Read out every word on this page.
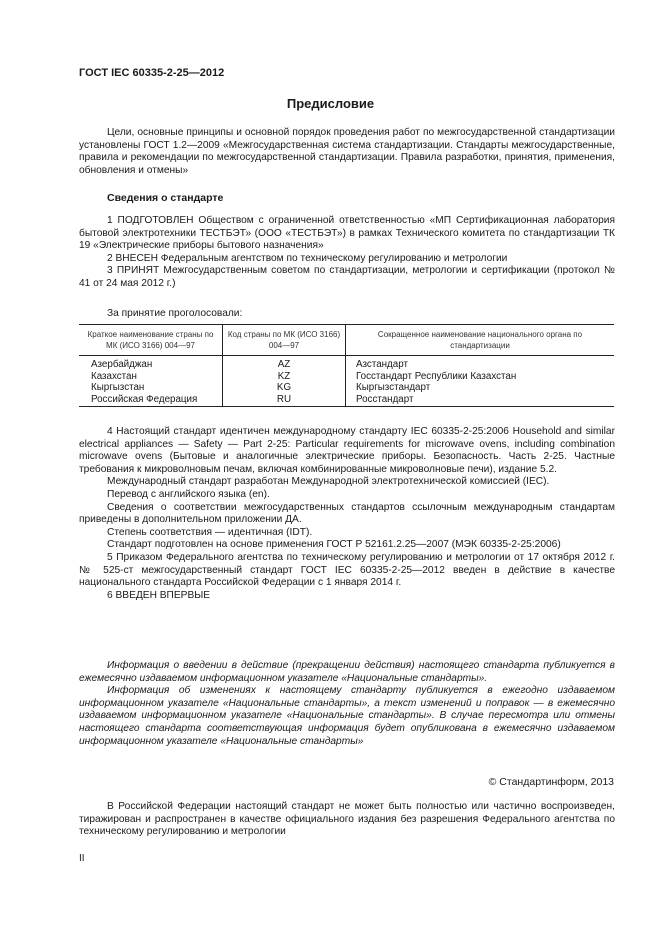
ГОСТ IEC 60335-2-25—2012
Предисловие

Цели, основные принципы и основной порядок проведения работ по межгосударственной стандартизации установлены ГОСТ 1.2—2009 «Межгосударственная система стандартизации. Стандарты межгосударственные, правила и рекомендации по межгосударственной стандартизации. Правила разработки, принятия, применения, обновления и отмены»

Сведения о стандарте

1 ПОДГОТОВЛЕН Обществом с ограниченной ответственностью «МП Сертификационная лаборатория бытовой электротехники ТЕСТБЭТ» (ООО «ТЕСТБЭТ») в рамках Технического комитета по стандартизации ТК 19 «Электрические приборы бытового назначения»

2 ВНЕСЕН Федеральным агентством по техническому регулированию и метрологии

3 ПРИНЯТ Межгосударственным советом по стандартизации, метрологии и сертификации (протокол № 41 от 24 мая 2012 г.)

За принятие проголосовали:
Краткое наименование страны по МК (ИСО 3166) 004—97	Код страны по МК (ИСО 3166) 004—97	Сокращенное наименование национального органа по стандартизации
Азербайджан	AZ	Азстандарт
Казахстан	KZ	Госстандарт Республики Казахстан
Кыргызстан	KG	Кыргызстандарт
Российская Федерация	RU	Росстандарт

4 Настоящий стандарт идентичен международному стандарту IEC 60335-2-25:2006 Household and similar electrical appliances — Safety — Part 2-25: Particular requirements for microwave ovens, including combination microwave ovens (Бытовые и аналогичные электрические приборы. Безопасность. Часть 2-25. Частные требования к микроволновым печам, включая комбинированные микроволновые печи), издание 5.2.

Международный стандарт разработан Международной электротехнической комиссией (IEC).

Перевод с английского языка (en).

Сведения о соответствии межгосударственных стандартов ссылочным международным стандартам приведены в дополнительном приложении ДА.

Степень соответствия — идентичная (IDT).

Стандарт подготовлен на основе применения ГОСТ Р 52161.2.25—2007 (МЭК 60335-2-25:2006)

5 Приказом Федерального агентства по техническому регулированию и метрологии от 17 октября 2012 г. № 525-ст межгосударственный стандарт ГОСТ IEC 60335-2-25—2012 введен в действие в качестве национального стандарта Российской Федерации с 1 января 2014 г.

6 ВВЕДЕН ВПЕРВЫЕ

Информация о введении в действие (прекращении действия) настоящего стандарта публикуется в ежемесячно издаваемом информационном указателе «Национальные стандарты».

Информация об изменениях к настоящему стандарту публикуется в ежегодно издаваемом информационном указателе «Национальные стандарты», а текст изменений и поправок — в ежемесячно издаваемом информационном указателе «Национальные стандарты». В случае пересмотра или отмены настоящего стандарта соответствующая информация будет опубликована в ежемесячно издаваемом информационном указателе «Национальные стандарты»

© Стандартинформ, 2013

В Российской Федерации настоящий стандарт не может быть полностью или частично воспроизведен, тиражирован и распространен в качестве официального издания без разрешения Федерального агентства по техническому регулированию и метрологии

II
